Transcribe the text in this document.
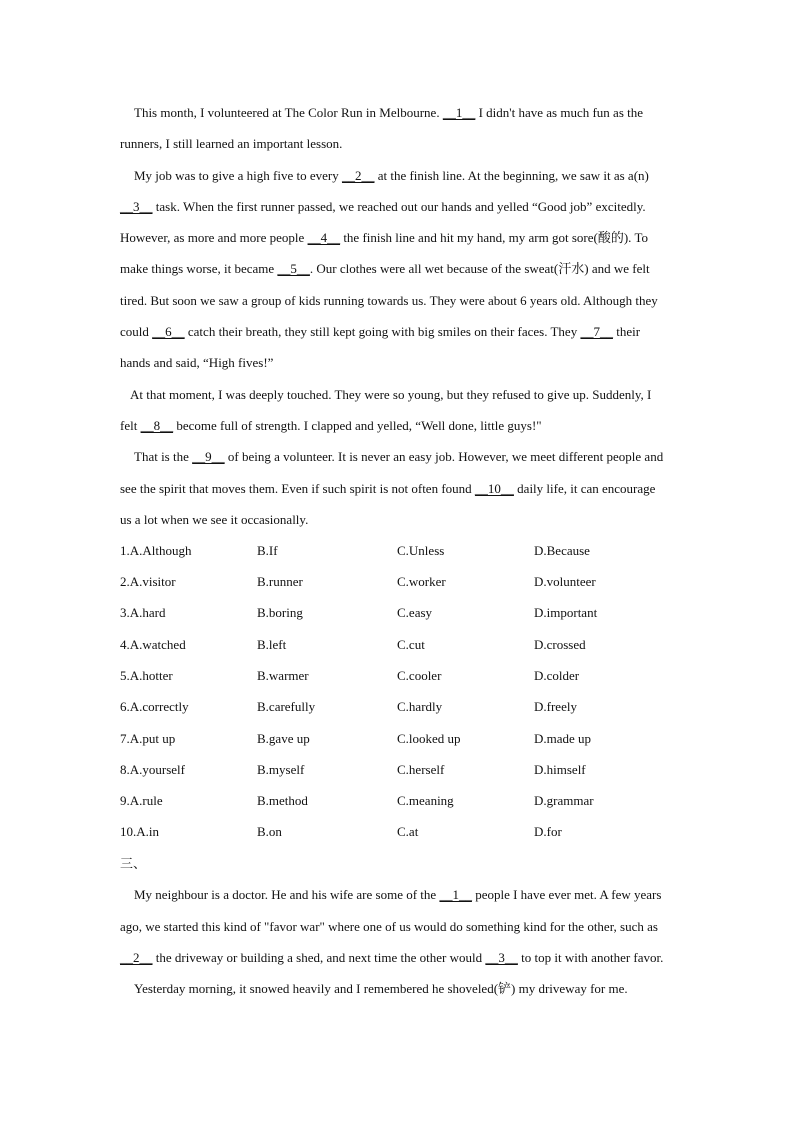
This month, I volunteered at The Color Run in Melbourne. __1__ I didn't have as much fun as the runners, I still learned an important lesson.

My job was to give a high five to every __2__ at the finish line. At the beginning, we saw it as a(n) __3__ task. When the first runner passed, we reached out our hands and yelled “Good job” excitedly. However, as more and more people __4__ the finish line and hit my hand, my arm got sore(酸的). To make things worse, it became __5__. Our clothes were all wet because of the sweat(汗水) and we felt tired. But soon we saw a group of kids running towards us. They were about 6 years old. Although they could __6__ catch their breath, they still kept going with big smiles on their faces. They __7__ their hands and said, “High fives!”

At that moment, I was deeply touched. They were so young, but they refused to give up. Suddenly, I felt __8__ become full of strength. I clapped and yelled, “Well done, little guys!"

That is the __9__ of being a volunteer. It is never an easy job. However, we meet different people and see the spirit that moves them. Even if such spirit is not often found __10__ daily life, it can encourage us a lot when we see it occasionally.

1.A.Although	B.If	C.Unless	D.Because
2.A.visitor	B.runner	C.worker	D.volunteer
3.A.hard	B.boring	C.easy	D.important
4.A.watched	B.left	C.cut	D.crossed
5.A.hotter	B.warmer	C.cooler	D.colder
6.A.correctly	B.carefully	C.hardly	D.freely
7.A.put up	B.gave up	C.looked up	D.made up
8.A.yourself	B.myself	C.herself	D.himself
9.A.rule	B.method	C.meaning	D.grammar
10.A.in	B.on	C.at	D.for

三、

My neighbour is a doctor. He and his wife are some of the __1__ people I have ever met. A few years ago, we started this kind of "favor war" where one of us would do something kind for the other, such as __2__ the driveway or building a shed, and next time the other would __3__ to top it with another favor.

Yesterday morning, it snowed heavily and I remembered he shoveled(铲) my driveway for me.
